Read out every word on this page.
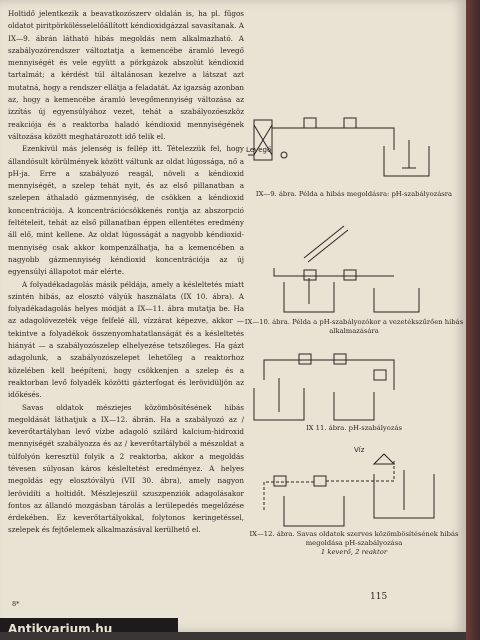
Holtidő jelentkezik a beavatkozószerv oldalán is, ha pl. fűgos oldatot piritpörkölésselelőállított kéndioxidgázzal savasítanak. A IX—9. ábrán látható hibás megoldás nem alkalmazható. A szabályozórendszer változtatja a kemencébe áramló levegő mennyiségét és vele együtt a pörkgázok abszolút kéndioxid tartalmát; a kérdést túl általánosan kezelve a látszat azt mutatná, hogy a rendszer ellátja a feladatát. Az igazság azonban az, hogy a kemencébe áramló levegőmennyiség változása az izzítás új egyensúlyához vezet, tehát a szabályozóeszköz reakciója és a reaktorba haladó kéndioxid mennyiségének változása között meghatározott idő telik el.

Ezenkívül más jelenség is fellép itt. Tételezzük fel, hogy állandósult körülmények között váltunk az oldat lúgossága, nő a pH-ja. Erre a szabályozó reagál, növeli a kéndioxid mennyiségét, a szelep tehát nyit, és az első pillanatban a szelepen áthaladó gázmennyiség, de csökken a kéndioxid koncentrációja. A koncentrációcsökkenés rontja az abszorpció feltételeit, tehát az első pillanatban éppen ellentétes eredmény áll elő, mint kellene. Az oldat lúgosságát a nagyobb kéndioxid-mennyiség csak akkor kompenzálhatja, ha a kemencében a nagyobb gázmennyiség kéndioxid koncentrációja az új egyensúlyi állapotot már elérte.

A folyadékadagolás másik példája, amely a késleltetés miatt szintén hibás, az elosztó vályúk használata (IX 10. ábra). A folyadékadagolás helyes módját a IX—11. ábra mutatja be. Ha az adagolóvezeték vége felfelé áll, vízzárat képezve, akkor — tekintve a folyadékok összenyomhatatlanságát és a késleltetés hiányát — a szabályozószelep elhelyezése tetszőleges. Ha gázt adagolunk, a szabályozószelepet lehetőleg a reaktorhoz közelében kell beépíteni, hogy csökkenjen a szelep és a reaktorban levő folyadék közötti gázterfogat és lerövidüljön az időkésés.

Savas oldatok mésziejes közömbösítésének hibás megoldását láthatjuk a IX—12. ábrán. Ha a szabályozó az / keverőtartályban levő vízbe adagoló szilárd kalcium-hidroxid mennyiségét szabályozza és az / keverőtartályból a mészoldat a túlfolyón keresztül folyik a 2 reaktorba, akkor a megoldás tévesen súlyosan káros késleltetést eredményez. A helyes megoldás egy elosztóvályú (VII 30. ábra), amely nagyon lerövidíti a holtidőt. Mészlejeszül szuszpenziók adagolásakor fontos az állandó mozgásban tárolás a lerülepedés megelőzése érdekében. Ez keverőtartályokkal, folytonos keringetéssel, szelepek és fejtőelemek alkalmazásával kerülhető el.

Levegő
IX—9. ábra. Példa a hibás megoldásra: pH-szabályozásra
IX—10. ábra. Példa a pH-szabályozókor a vezetékszűrően hibás alkalmazására
IX 11. ábra. pH-szabályozás
Víz
IX—12. ábra. Savas oldatok szerves közömbösítésének hibás megoldása pH-szabályozása
1 keverő, 2 reaktor
115
8*
Antikvarium.hu
